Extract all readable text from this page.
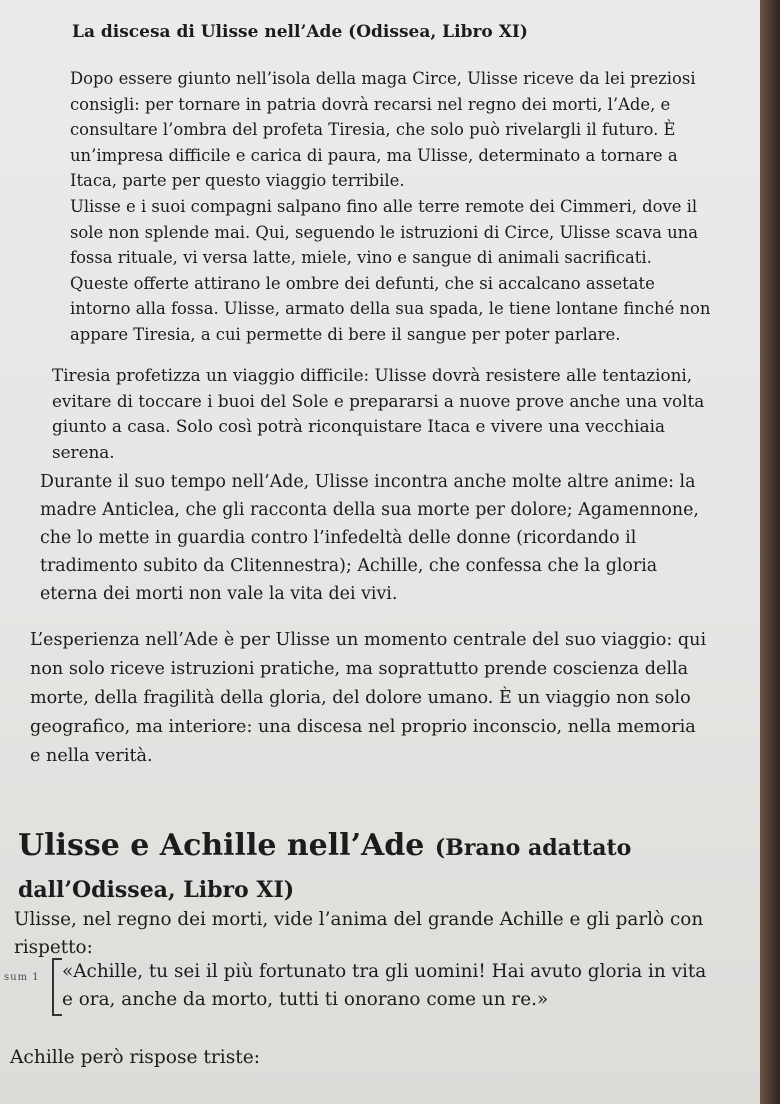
La discesa di Ulisse nell’Ade (Odissea, Libro XI)

Dopo essere giunto nell’isola della maga Circe, Ulisse riceve da lei preziosi consigli: per tornare in patria dovrà recarsi nel regno dei morti, l’Ade, e consultare l’ombra del profeta Tiresia, che solo può rivelargli il futuro. È un’impresa difficile e carica di paura, ma Ulisse, determinato a tornare a Itaca, parte per questo viaggio terribile.

Ulisse e i suoi compagni salpano fino alle terre remote dei Cimmeri, dove il sole non splende mai. Qui, seguendo le istruzioni di Circe, Ulisse scava una fossa rituale, vi versa latte, miele, vino e sangue di animali sacrificati. Queste offerte attirano le ombre dei defunti, che si accalcano assetate intorno alla fossa. Ulisse, armato della sua spada, le tiene lontane finché non appare Tiresia, a cui permette di bere il sangue per poter parlare.

Tiresia profetizza un viaggio difficile: Ulisse dovrà resistere alle tentazioni, evitare di toccare i buoi del Sole e prepararsi a nuove prove anche una volta giunto a casa. Solo così potrà riconquistare Itaca e vivere una vecchiaia serena.

Durante il suo tempo nell’Ade, Ulisse incontra anche molte altre anime: la madre Anticlea, che gli racconta della sua morte per dolore; Agamennone, che lo mette in guardia contro l’infedeltà delle donne (ricordando il tradimento subito da Clitennestra); Achille, che confessa che la gloria eterna dei morti non vale la vita dei vivi.

L’esperienza nell’Ade è per Ulisse un momento centrale del suo viaggio: qui non solo riceve istruzioni pratiche, ma soprattutto prende coscienza della morte, della fragilità della gloria, del dolore umano. È un viaggio non solo geografico, ma interiore: una discesa nel proprio inconscio, nella memoria e nella verità.

Ulisse e Achille nell’Ade (Brano adattato dall’Odissea, Libro XI)

Ulisse, nel regno dei morti, vide l’anima del grande Achille e gli parlò con rispetto:

sum 1	«Achille, tu sei il più fortunato tra gli uomini! Hai avuto gloria in vita e ora, anche da morto, tutti ti onorano come un re.»

Achille però rispose triste:
